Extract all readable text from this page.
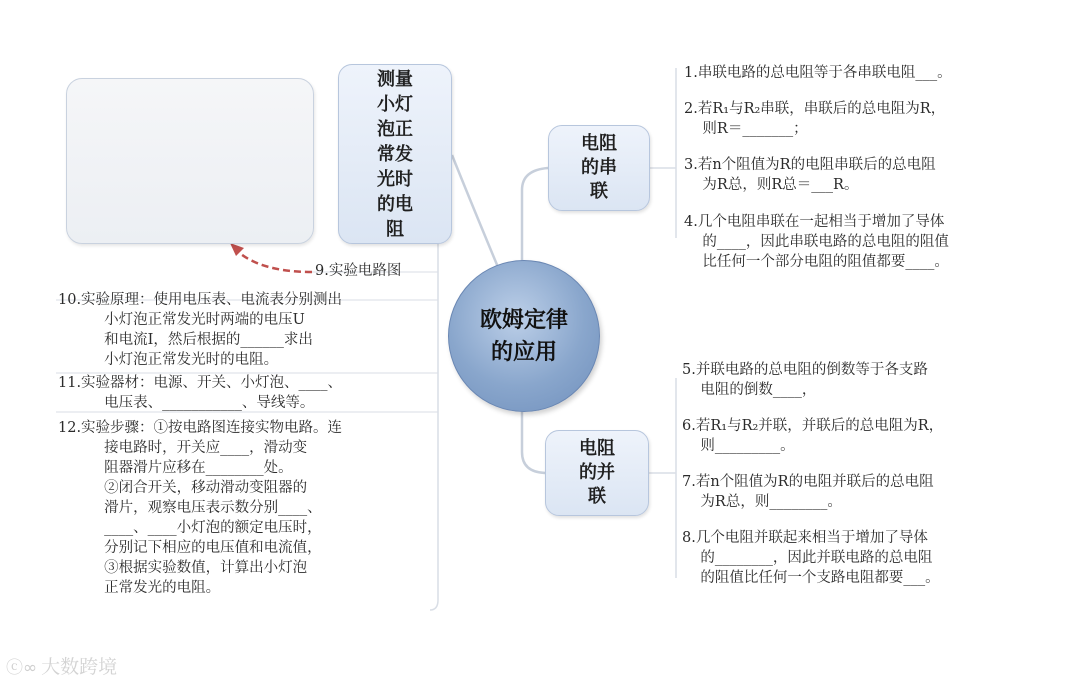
测量小灯泡正常发光时的电阻
电阻的串联
电阻的并联
欧姆定律的应用
1.串联电路的总电阻等于各串联电阻___。
2.若R₁与R₂串联，串联后的总电阻为R，
则R＝_______；
3.若n个阻值为R的电阻串联后的总电阻
为R总，则R总＝___R。
4.几个电阻串联在一起相当于增加了导体
的____，因此串联电路的总电阻的阻值
比任何一个部分电阻的阻值都要____。
5.并联电路的总电阻的倒数等于各支路
电阻的倒数____，
6.若R₁与R₂并联，并联后的总电阻为R，
则_________。
7.若n个阻值为R的电阻并联后的总电阻
为R总，则________。
8.几个电阻并联起来相当于增加了导体
的________，因此并联电路的总电阻
的阻值比任何一个支路电阻都要___。
9.实验电路图
10.实验原理：使用电压表、电流表分别测出
小灯泡正常发光时两端的电压U
和电流I，然后根据的______求出
小灯泡正常发光时的电阻。
11.实验器材：电源、开关、小灯泡、____、
电压表、___________、导线等。
12.实验步骤：①按电路图连接实物电路。连
接电路时，开关应____，滑动变
阻器滑片应移在________处。
②闭合开关，移动滑动变阻器的
滑片，观察电压表示数分别____、
____、____小灯泡的额定电压时，
分别记下相应的电压值和电流值，
③根据实验数值，计算出小灯泡
正常发光的电阻。
ⓒ∞ 大数跨境
